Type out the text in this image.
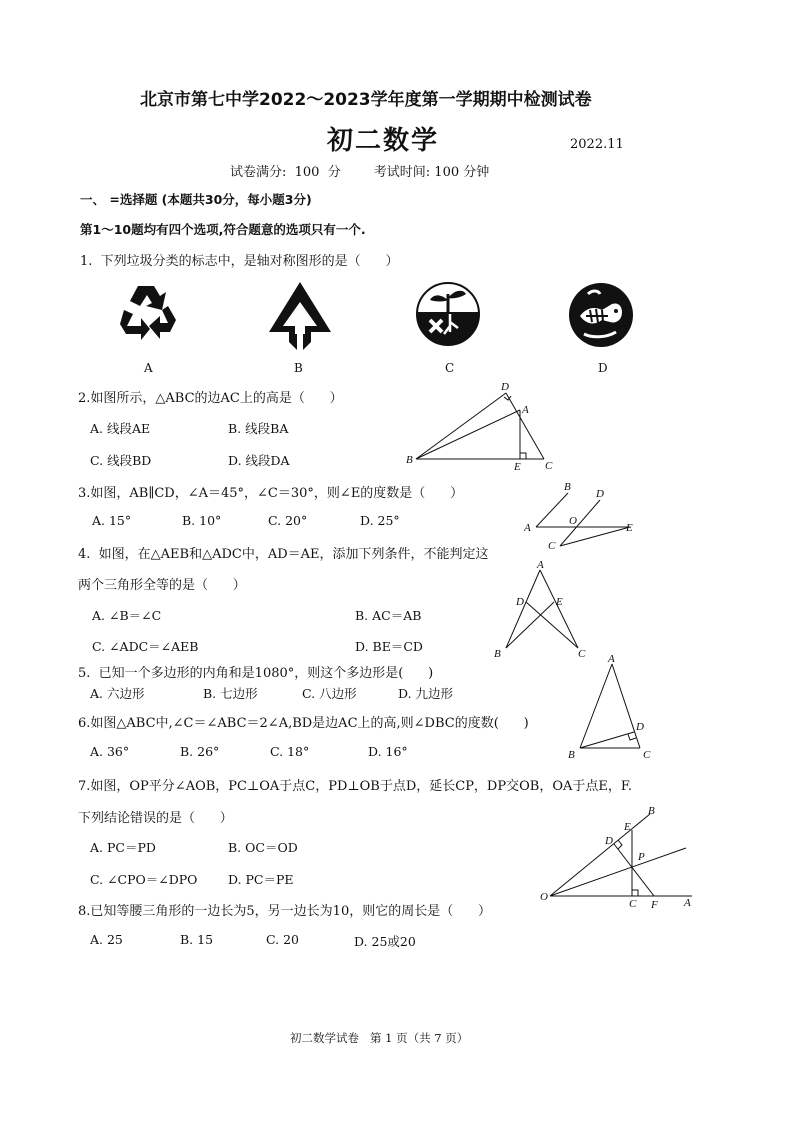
北京市第七中学2022～2023学年度第一学期期中检测试卷
初二数学	2022.11
试卷满分:  100  分        考试时间: 100 分钟
一、 =选择题 (本题共30分，每小题3分)
第1～10题均有四个选项,符合题意的选项只有一个.
1.  下列垃圾分类的标志中，是轴对称图形的是（      ）
A	B	C	D
2.如图所示，△ABC的边AC上的高是（      ）
A. 线段AE	B. 线段BA
C. 线段BD	D. 线段DA
D
A
B
E C
3.如图，AB∥CD，∠A＝45°，∠C＝30°，则∠E的度数是（      ）
A. 15°	B. 10°	C. 20°	D. 25°
B
D
A
O
E
C
4.  如图，在△AEB和△ADC中，AD＝AE，添加下列条件，不能判定这
两个三角形全等的是（      ）
A. ∠B＝∠C	B. AC＝AB
C. ∠ADC＝∠AEB	D. BE＝CD
A
D	E
B	C
5.  已知一个多边形的内角和是1080°，则这个多边形是(      )
A. 六边形	B. 七边形	C. 八边形	D. 九边形
6.如图△ABC中,∠C＝∠ABC＝2∠A,BD是边AC上的高,则∠DBC的度数(      )
A. 36°	B. 26°	C. 18°	D. 16°
A
D
B	C
7.如图，OP平分∠AOB，PC⊥OA于点C，PD⊥OB于点D，延长CP，DP交OB，OA于点E，F.
下列结论错误的是（      ）
A. PC＝PD	B. OC＝OD
C. ∠CPO＝∠DPO D. PC＝PE
B
E
D
P
O
C F A
8.已知等腰三角形的一边长为5，另一边长为10，则它的周长是（      ）
A. 25	B. 15	C. 20	D. 25或20
初二数学试卷   第 1 页（共 7 页）
